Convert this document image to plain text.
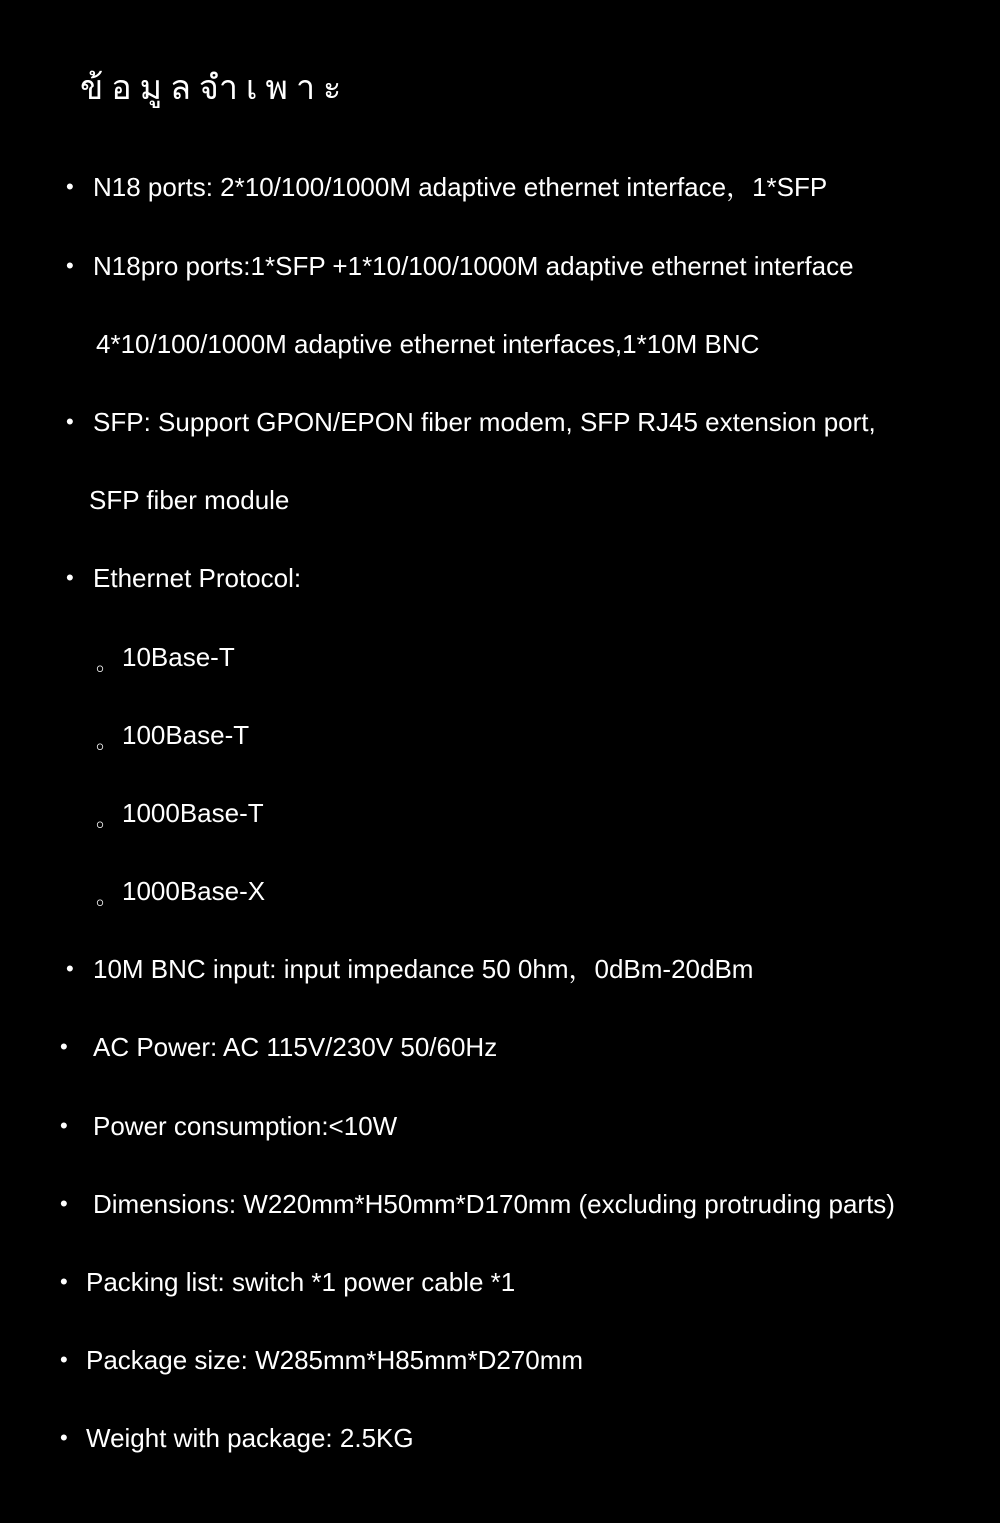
ข้อมูลจำเพาะ
• N18 ports: 2*10/100/1000M adaptive ethernet interface，1*SFP
• N18pro ports:1*SFP +1*10/100/1000M adaptive ethernet interface
4*10/100/1000M adaptive ethernet interfaces,1*10M BNC
• SFP: Support GPON/EPON fiber modem, SFP RJ45 extension port,
SFP fiber module
• Ethernet Protocol:
。 10Base-T
。 100Base-T
。 1000Base-T
。 1000Base-X
• 10M BNC input: input impedance 50 0hm，0dBm-20dBm
• AC Power: AC 115V/230V 50/60Hz
• Power consumption:<10W
• Dimensions: W220mm*H50mm*D170mm (excluding protruding parts)
• Packing list: switch *1 power cable *1
• Package size: W285mm*H85mm*D270mm
• Weight with package: 2.5KG
